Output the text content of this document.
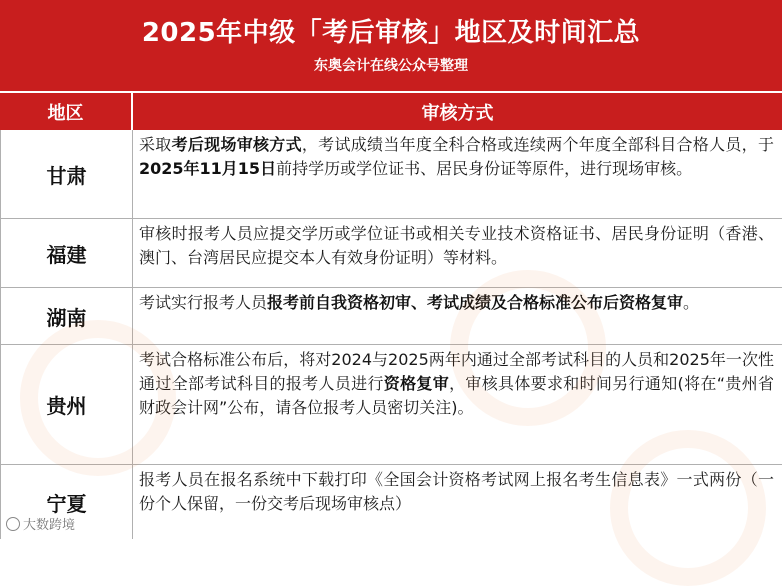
2025年中级「考后审核」地区及时间汇总
东奥会计在线公众号整理
地区	审核方式
甘肃
采取考后现场审核方式，考试成绩当年度全科合格或连续两个年度全部科目合格人员，于2025年11月15日前持学历或学位证书、居民身份证等原件，进行现场审核。
福建
审核时报考人员应提交学历或学位证书或相关专业技术资格证书、居民身份证明（香港、澳门、台湾居民应提交本人有效身份证明）等材料。
湖南
考试实行报考人员报考前自我资格初审、考试成绩及合格标准公布后资格复审。
贵州
考试合格标准公布后，将对2024与2025两年内通过全部考试科目的人员和2025年一次性通过全部考试科目的报考人员进行资格复审，审核具体要求和时间另行通知(将在“贵州省财政会计网”公布，请各位报考人员密切关注)。
宁夏
报考人员在报名系统中下载打印《全国会计资格考试网上报名考生信息表》一式两份（一份个人保留，一份交考后现场审核点）
大数跨境
